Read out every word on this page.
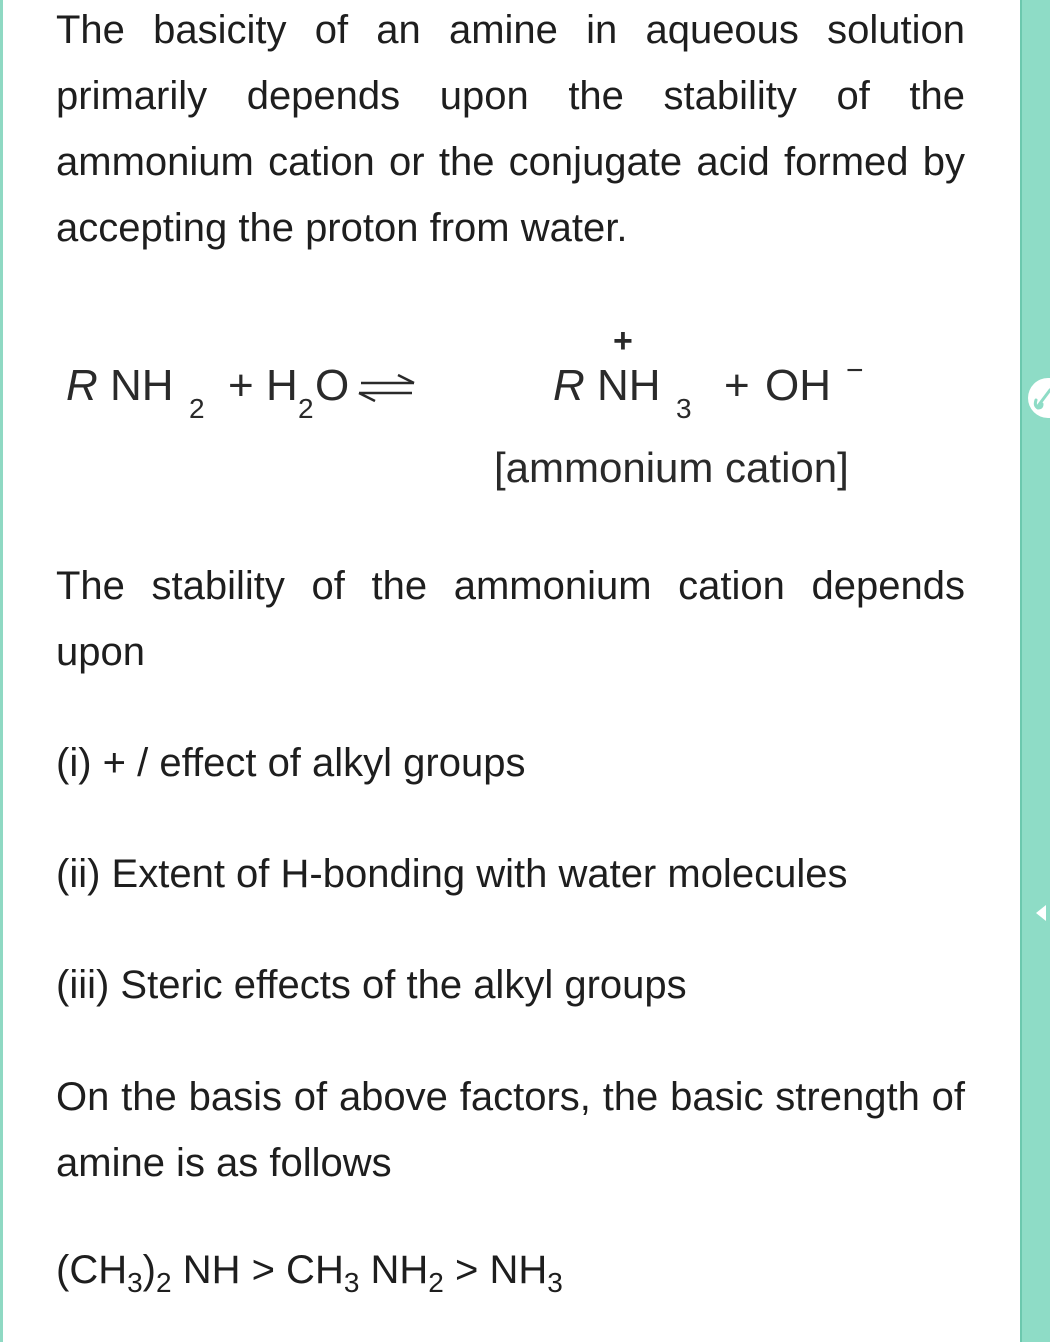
The basicity of an amine in aqueous solution primarily depends upon the stability of the ammonium cation or the conjugate acid formed by accepting the proton from water.

R NH 2 + H 2 O	R NH
+
3 + OH −
[ammonium cation]

The stability of the ammonium cation depends upon

(i) + / effect of alkyl groups

(ii) Extent of H-bonding with water molecules

(iii) Steric effects of the alkyl groups

On the basis of above factors, the basic strength of amine is as follows

$(CH_3)_2$ NH > $CH_3$ $NH_2 > NH_3$
